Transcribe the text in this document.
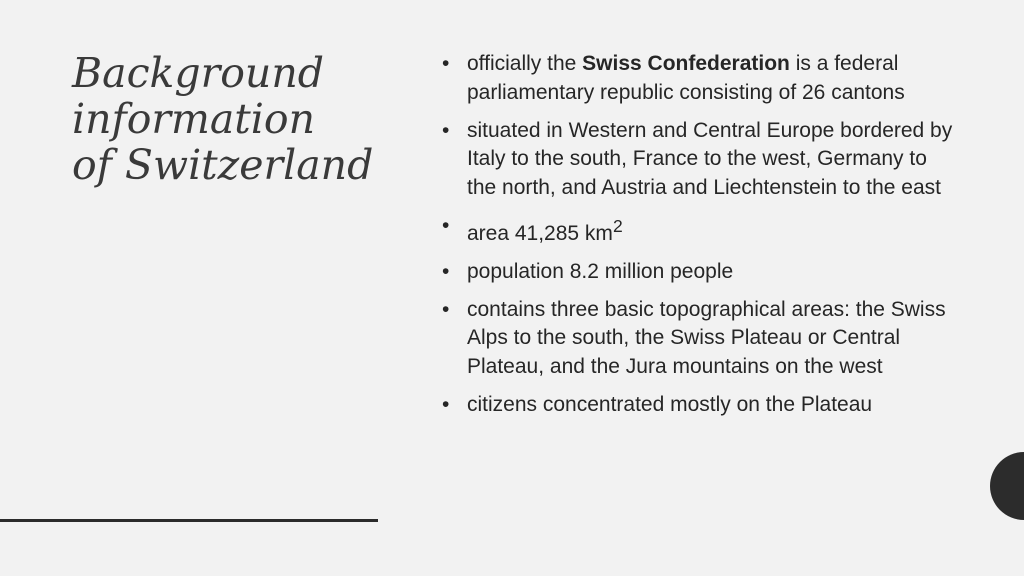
Background
information
of Switzerland
• officially the Swiss Confederation is a federal parliamentary republic consisting of 26 cantons
• situated in Western and Central Europe bordered by Italy to the south, France to the west, Germany to the north, and Austria and Liechtenstein to the east
• area 41,285 $km^2$
• population 8.2 million people
• contains three basic topographical areas: the Swiss Alps to the south, the Swiss Plateau or Central Plateau, and the Jura mountains on the west
• citizens concentrated mostly on the Plateau
